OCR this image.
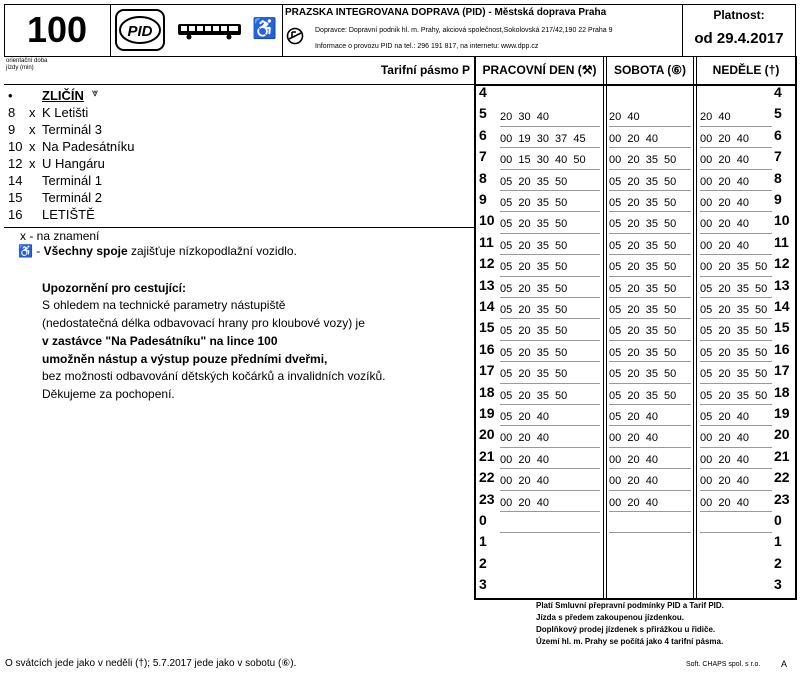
100	PID	♿
PRAZSKA INTEGROVANA DOPRAVA (PID) - Městská doprava Praha
Dopravce: Dopravní podnik hl. m. Prahy, akciová společnost,Sokolovská 217/42,190 22 Praha 9
Informace o provozu PID na tel.: 296 191 817, na internetu: www.dpp.cz
Platnost:
od 29.4.2017
orientační doba
jízdy (min)	Tarifní pásmo P	PRACOVNÍ DEN (⚒)	SOBOTA (⑥)	NEDĚLE (†)
4	4
5	20  30  40	20  40	20  40	5
6	00  19  30  37  45	00  20  40	00  20  40	6
7	00  15  30  40  50	00  20  35  50	00  20  40	7
8	05  20  35  50	05  20  35  50	00  20  40	8
9	05  20  35  50	05  20  35  50	00  20  40	9
10 05  20  35  50	05  20  35  50	00  20  40	10
11 05  20  35  50	05  20  35  50	00  20  40	11
12 05  20  35  50	05  20  35  50	00  20  35  50 12
13 05  20  35  50	05  20  35  50	05  20  35  50 13
14 05  20  35  50	05  20  35  50	05  20  35  50 14
15 05  20  35  50	05  20  35  50	05  20  35  50 15
16 05  20  35  50	05  20  35  50	05  20  35  50 16
17 05  20  35  50	05  20  35  50	05  20  35  50 17
18 05  20  35  50	05  20  35  50	05  20  35  50 18
19 05  20  40	05  20  40	05  20  40	19
20 00  20  40	00  20  40	00  20  40	20
21 00  20  40	00  20  40	00  20  40	21
22 00  20  40	00  20  40	00  20  40	22
23 00  20  40	00  20  40	00  20  40	23
0	0
1	1
2	2
3	3
• ZLIČÍN ⩔
8 x K Letišti
9 x Terminál 3
10 x Na Padesátníku
12 x U Hangáru
14 Terminál 1
15 Terminál 2
16 LETIŠTĚ
x - na znamení
♿ - Všechny spoje zajišťuje nízkopodlažní vozidlo.
Upozornění pro cestující:
S ohledem na technické parametry nástupiště
(nedostatečná délka odbavovací hrany pro kloubové vozy) je
v zastávce "Na Padesátníku" na lince 100
umožněn nástup a výstup pouze předními dveřmi,
bez možnosti odbavování dětských kočárků a invalidních vozíků.
Děkujeme za pochopení.
Platí Smluvní přepravní podmínky PID a Tarif PID.
Jízda s předem zakoupenou jízdenkou.
Doplňkový prodej jízdenek s přirážkou u řidiče.
Území hl. m. Prahy se počítá jako 4 tarifní pásma.
O svátcích jede jako v neděli (†); 5.7.2017 jede jako v sobotu (⑥).	Soft. CHAPS spol. s r.o. A
